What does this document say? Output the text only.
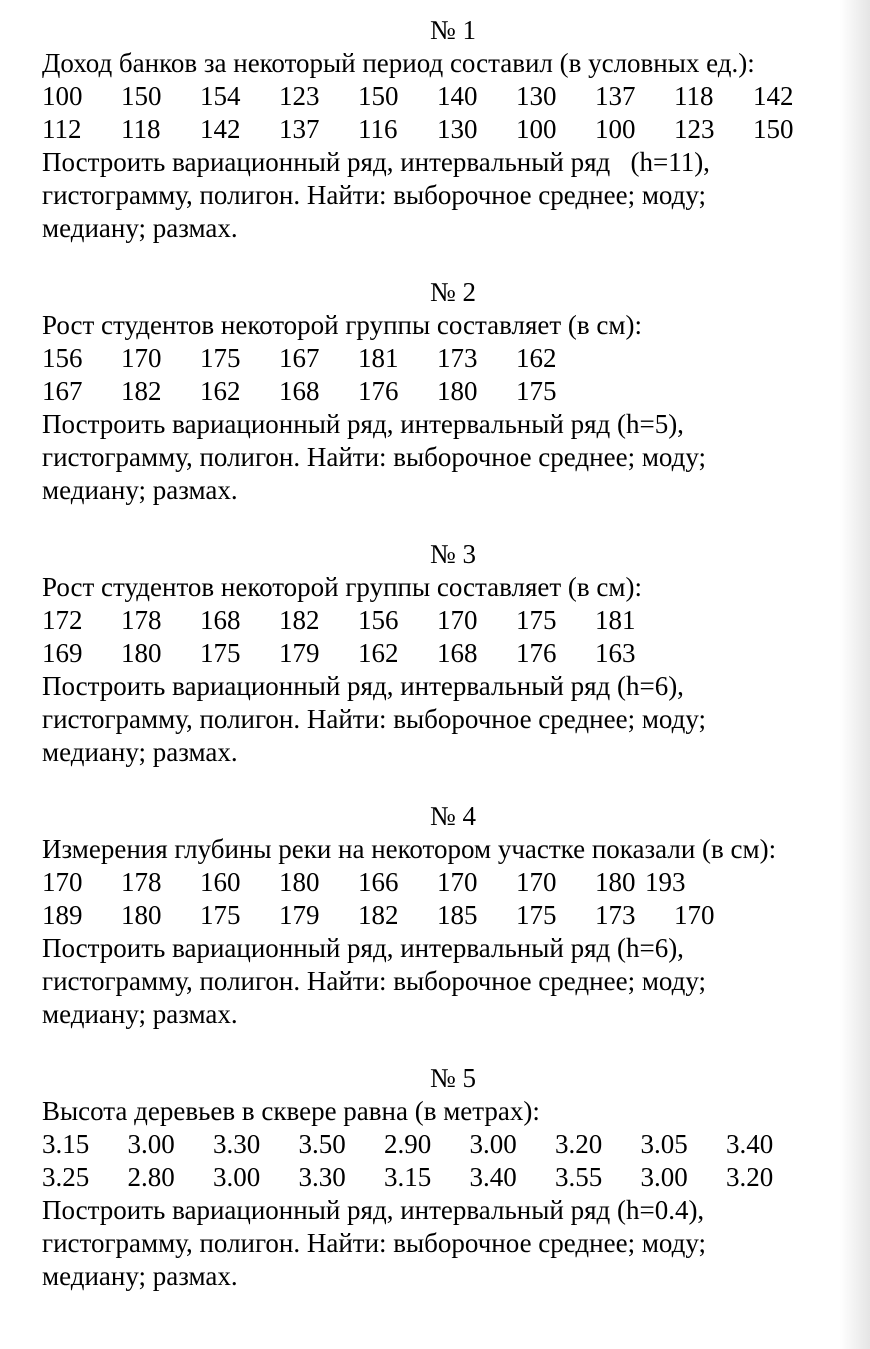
№ 1
Доход банков за некоторый период составил (в условных ед.):
100	150	154	123	150	140	130	137	118	142
112	118	142	137	116	130	100	100	123	150
Построить вариационный ряд, интервальный ряд   (h=11),
гистограмму, полигон. Найти: выборочное среднее; моду;
медиану; размах.
№ 2
Рост студентов некоторой группы составляет (в см):
156	170	175	167	181	173	162
167	182	162	168	176	180	175
Построить вариационный ряд, интервальный ряд (h=5),
гистограмму, полигон. Найти: выборочное среднее; моду;
медиану; размах.
№ 3
Рост студентов некоторой группы составляет (в см):
172	178	168	182	156	170	175	181
169	180	175	179	162	168	176	163
Построить вариационный ряд, интервальный ряд (h=6),
гистограмму, полигон. Найти: выборочное среднее; моду;
медиану; размах.
№ 4
Измерения глубины реки на некотором участке показали (в см):
170	178	160	180	166	170	170	180 193
189	180	175	179	182	185	175	173	170
Построить вариационный ряд, интервальный ряд (h=6),
гистограмму, полигон. Найти: выборочное среднее; моду;
медиану; размах.
№ 5
Высота деревьев в сквере равна (в метрах):
3.15	3.00	3.30	3.50	2.90	3.00	3.20	3.05	3.40
3.25	2.80	3.00	3.30	3.15	3.40	3.55	3.00	3.20
Построить вариационный ряд, интервальный ряд (h=0.4),
гистограмму, полигон. Найти: выборочное среднее; моду;
медиану; размах.
